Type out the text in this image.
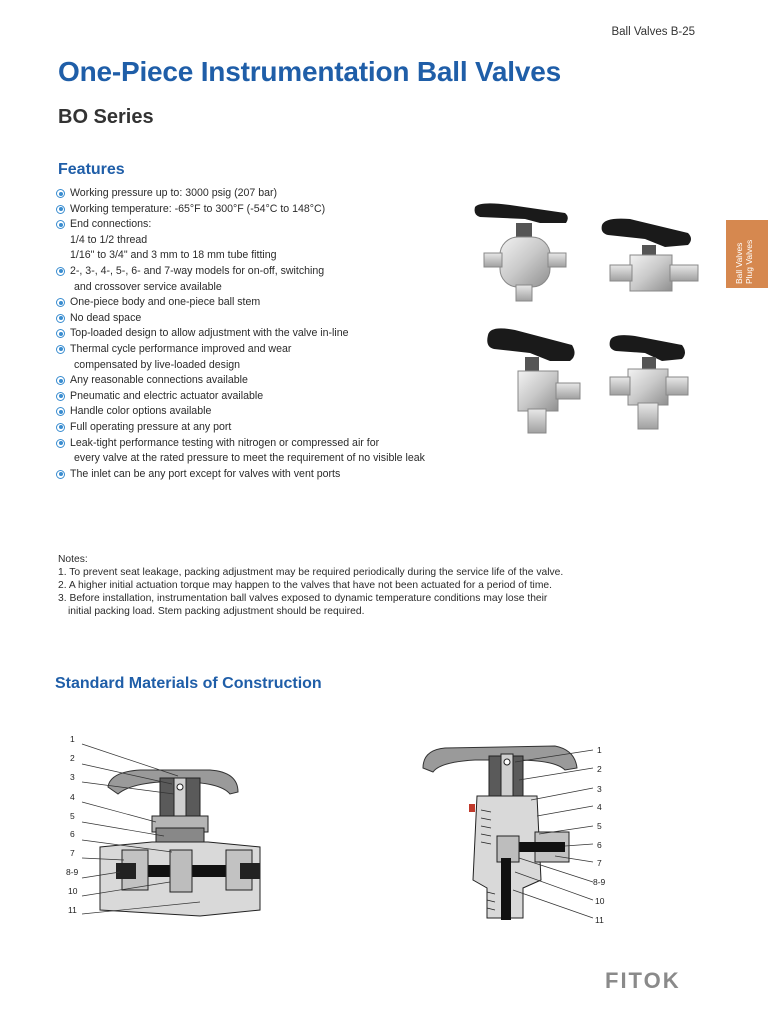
Ball Valves B-25
One-Piece Instrumentation Ball Valves
BO Series
Ball Valves Plug Valves
Features
Working pressure up to: 3000 psig (207 bar)
Working temperature: -65°F to 300°F (-54°C to 148°C)
End connections:
1/4 to 1/2 thread
1/16" to 3/4" and 3 mm to 18 mm tube fitting
2-, 3-, 4-, 5-, 6- and 7-way models for on-off, switching
and crossover service available
One-piece body and one-piece ball stem
No dead space
Top-loaded design to allow adjustment with the valve in-line
Thermal cycle performance improved and wear
compensated by live-loaded design
Any reasonable connections available
Pneumatic and electric actuator available
Handle color options available
Full operating pressure at any port
Leak-tight performance testing with nitrogen or compressed air for
every valve at the rated pressure to meet the requirement of no visible leak
The inlet can be any port except for valves with vent ports

Notes:

1. To prevent seat leakage, packing adjustment may be required periodically during the service life of the valve.

2. A higher initial actuation torque may happen to the valves that have not been actuated for a period of time.

3. Before installation, instrumentation ball valves exposed to dynamic temperature conditions may lose their

initial packing load. Stem packing adjustment should be required.

Standard Materials of Construction
1
2
3
4
5
6
7
8-9
10
11
1
2
3
4
5
6
7
8-9
10
11
FITOK
